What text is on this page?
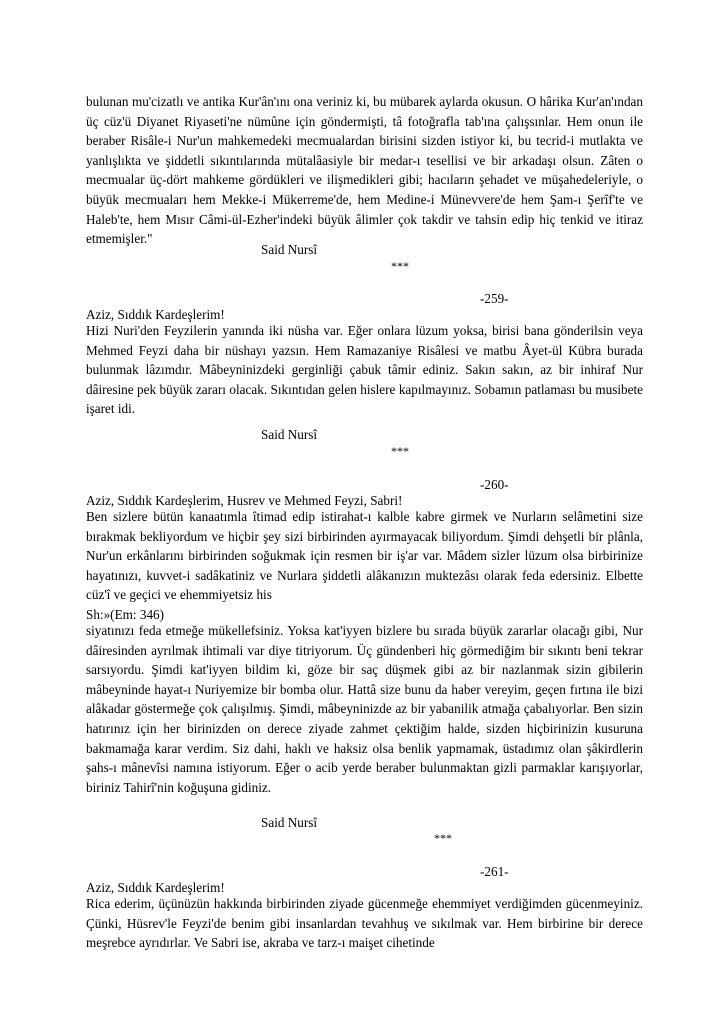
bulunan mu'cizatlı ve antika Kur'ân'ını ona veriniz ki, bu mübarek aylarda okusun. O hârika Kur'an'ından üç cüz'ü Diyanet Riyaseti'ne nümûne için göndermişti, tâ fotoğrafla tab'ına çalışsınlar. Hem onun ile beraber Risâle-i Nur'un mahkemedeki mecmualardan birisini sizden istiyor ki, bu tecrid-i mutlakta ve yanlışlıkta ve şiddetli sıkıntılarında mütalâasiyle bir medar-ı tesellisi ve bir arkadaşı olsun. Zâten o mecmualar üç-dört mahkeme gördükleri ve ilişmedikleri gibi; hacıların şehadet ve müşahedeleriyle, o büyük mecmuaları hem Mekke-i Mükerreme'de, hem Medine-i Münevvere'de hem Şam-ı Şerîf'te ve Haleb'te, hem Mısır Câmi-ül-Ezher'indeki büyük âlimler çok takdir ve tahsin edip hiç tenkid ve itiraz etmemişler."

Said Nursî
***
-259-
Aziz, Sıddık Kardeşlerim!

Hizi Nuri'den Feyzilerin yanında iki nüsha var. Eğer onlara lüzum yoksa, birisi bana gönderilsin veya Mehmed Feyzi daha bir nüshayı yazsın. Hem Ramazaniye Risâlesi ve matbu Âyet-ül Kübra burada bulunmak lâzımdır. Mâbeyninizdeki gerginliği çabuk tâmir ediniz. Sakın sakın, az bir inhiraf Nur dâiresine pek büyük zararı olacak. Sıkıntıdan gelen hislere kapılmayınız. Sobamın patlaması bu musibete işaret idi.

Said Nursî
***
-260-
Aziz, Sıddık Kardeşlerim, Husrev ve Mehmed Feyzi, Sabri!

Ben sizlere bütün kanaatımla îtimad edip istirahat-ı kalble kabre girmek ve Nurların selâmetini size bırakmak bekliyordum ve hiçbir şey sizi birbirinden ayırmayacak biliyordum. Şimdi dehşetli bir plânla, Nur'un erkânlarını birbirinden soğukmak için resmen bir iş'ar var. Mâdem sizler lüzum olsa birbirinize hayatınızı, kuvvet-i sadâkatiniz ve Nurlara şiddetli alâkanızın muktezâsı olarak feda edersiniz. Elbette cüz'î ve geçici ve ehemmiyetsiz his

Sh:»(Em: 346)

siyatınızı feda etmeğe mükellefsiniz. Yoksa kat'iyyen bizlere bu sırada büyük zararlar olacağı gibi, Nur dâiresinden ayrılmak ihtimali var diye titriyorum. Üç gündenberi hiç görmediğim bir sıkıntı beni tekrar sarsıyordu. Şimdi kat'iyyen bildim ki, göze bir saç düşmek gibi az bir nazlanmak sizin gibilerin mâbeyninde hayat-ı Nuriyemize bir bomba olur. Hattâ size bunu da haber vereyim, geçen fırtına ile bizi alâkadar göstermeğe çok çalışılmış. Şimdi, mâbeyninizde az bir yabanilik atmağa çabalıyorlar. Ben sizin hatırınız için her birinizden on derece ziyade zahmet çektiğim halde, sizden hiçbirinizin kusuruna bakmamağa karar verdim. Siz dahi, haklı ve haksiz olsa benlik yapmamak, üstadımız olan şâkirdlerin şahs-ı mânevîsi namına istiyorum. Eğer o acib yerde beraber bulunmaktan gizli parmaklar karışıyorlar, biriniz Tahirî'nin koğuşuna gidiniz.

Said Nursî
***
-261-
Aziz, Sıddık Kardeşlerim!

Rica ederim, üçünüzün hakkında birbirinden ziyade gücenmeğe ehemmiyet verdiğimden gücenmeyiniz. Çünki, Hüsrev'le Feyzi'de benim gibi insanlardan tevahhuş ve sıkılmak var. Hem birbirine bir derece meşrebce ayrıdırlar. Ve Sabri ise, akraba ve tarz-ı maişet cihetinde
